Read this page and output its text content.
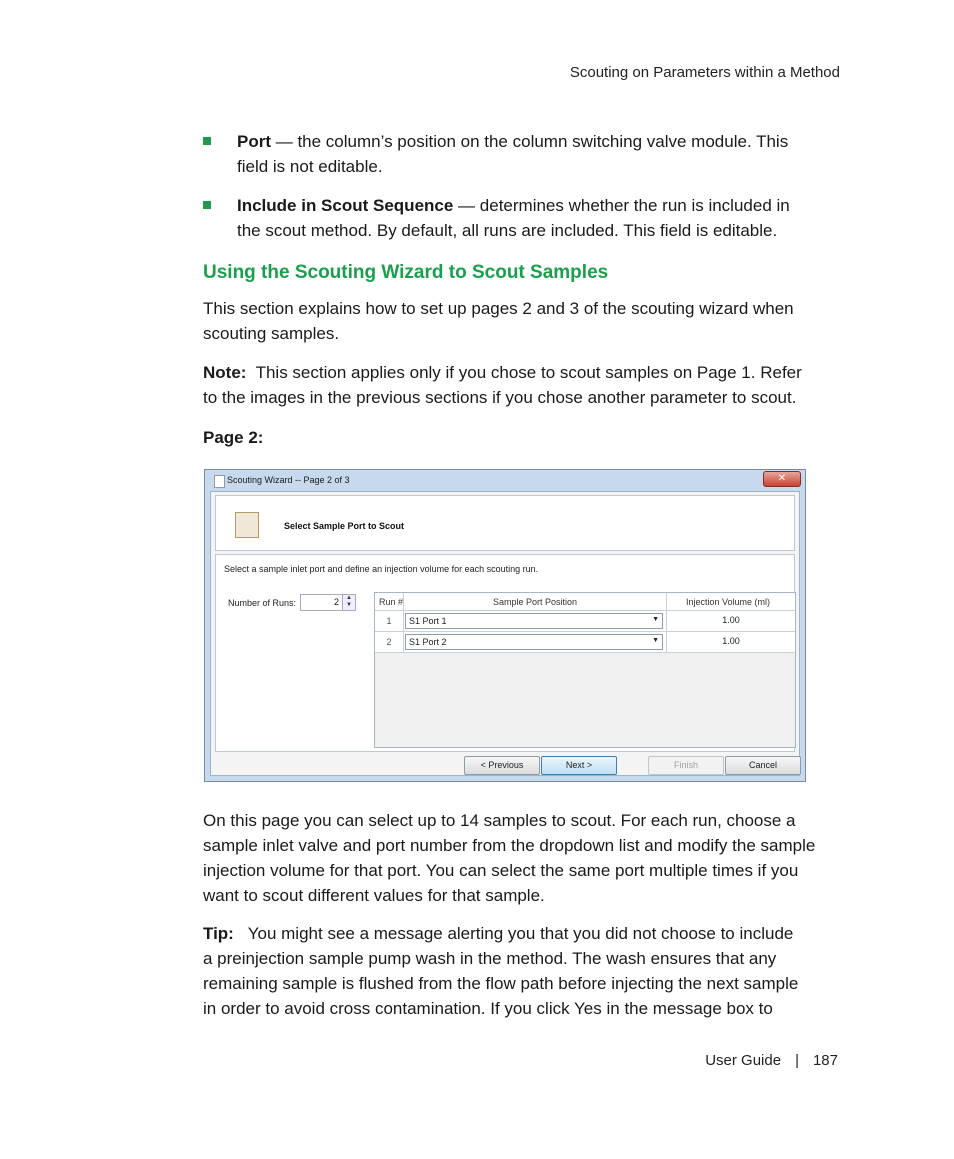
Scouting on Parameters within a Method
Port — the column’s position on the column switching valve module. This
field is not editable.
Include in Scout Sequence — determines whether the run is included in
the scout method. By default, all runs are included. This field is editable.
Using the Scouting Wizard to Scout Samples
This section explains how to set up pages 2 and 3 of the scouting wizard when
scouting samples.
Note: This section applies only if you chose to scout samples on Page 1. Refer
to the images in the previous sections if you chose another parameter to scout.
Page 2:
Scouting Wizard -- Page 2 of 3	✕
Select Sample Port to Scout
Select a sample inlet port and define an injection volume for each scouting run.
Number of Runs:	2	▲
▼	Run #	Sample Port Position	Injection Volume (ml)
1	S1 Port 1	▼	1.00
2	S1 Port 2	▼	1.00
< Previous	Next >	Finish	Cancel
On this page you can select up to 14 samples to scout. For each run, choose a
sample inlet valve and port number from the dropdown list and modify the sample
injection volume for that port. You can select the same port multiple times if you
want to scout different values for that sample.
Tip: You might see a message alerting you that you did not choose to include
a preinjection sample pump wash in the method. The wash ensures that any
remaining sample is flushed from the flow path before injecting the next sample
in order to avoid cross contamination. If you click Yes in the message box to
User Guide | 187
